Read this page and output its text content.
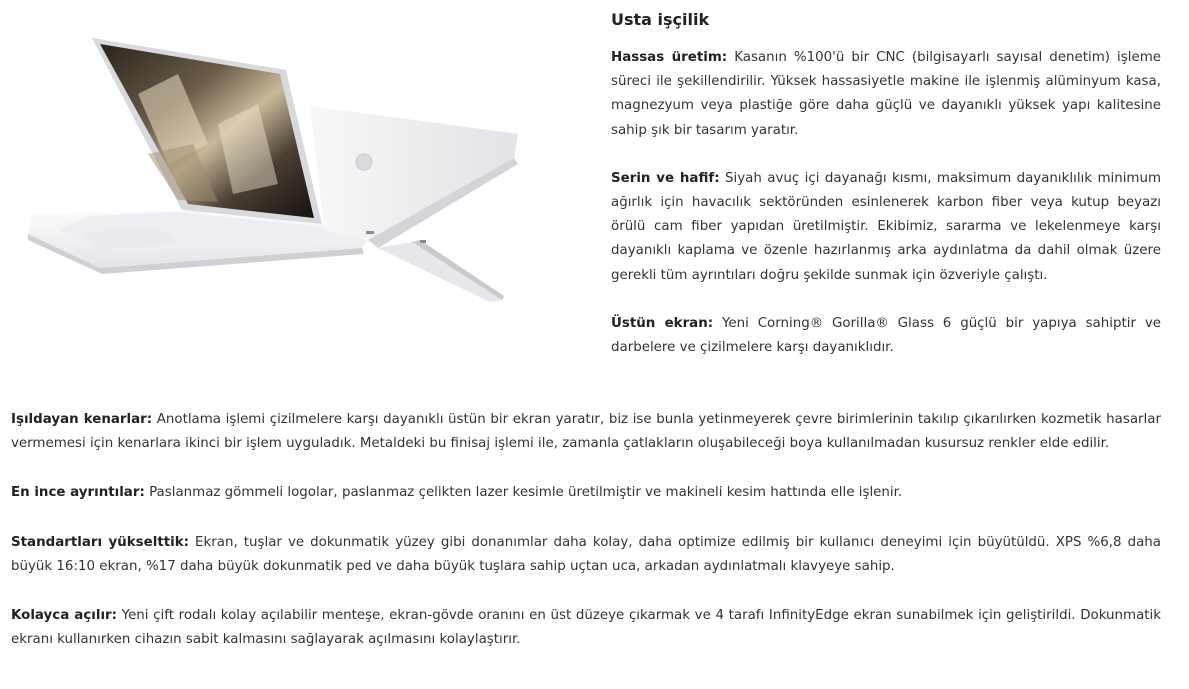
Usta işçilik

Hassas üretim: Kasanın %100'ü bir CNC (bilgisayarlı sayısal denetim) işleme süreci ile şekillendirilir. Yüksek hassasiyetle makine ile işlenmiş alüminyum kasa, magnezyum veya plastiğe göre daha güçlü ve dayanıklı yüksek yapı kalitesine sahip şık bir tasarım yaratır.

Serin ve hafif: Siyah avuç içi dayanağı kısmı, maksimum dayanıklılık minimum ağırlık için havacılık sektöründen esinlenerek karbon fiber veya kutup beyazı örülü cam fiber yapıdan üretilmiştir. Ekibimiz, sararma ve lekelenmeye karşı dayanıklı kaplama ve özenle hazırlanmış arka aydınlatma da dahil olmak üzere gerekli tüm ayrıntıları doğru şekilde sunmak için özveriyle çalıştı.

Üstün ekran: Yeni Corning® Gorilla® Glass 6 güçlü bir yapıya sahiptir ve darbelere ve çizilmelere karşı dayanıklıdır.

Işıldayan kenarlar: Anotlama işlemi çizilmelere karşı dayanıklı üstün bir ekran yaratır, biz ise bunla yetinmeyerek çevre birimlerinin takılıp çıkarılırken kozmetik hasarlar vermemesi için kenarlara ikinci bir işlem uyguladık. Metaldeki bu finisaj işlemi ile, zamanla çatlakların oluşabileceği boya kullanılmadan kusursuz renkler elde edilir.

En ince ayrıntılar: Paslanmaz gömmeli logolar, paslanmaz çelikten lazer kesimle üretilmiştir ve makineli kesim hattında elle işlenir.

Standartları yükselttik: Ekran, tuşlar ve dokunmatik yüzey gibi donanımlar daha kolay, daha optimize edilmiş bir kullanıcı deneyimi için büyütüldü. XPS %6,8 daha büyük 16:10 ekran, %17 daha büyük dokunmatik ped ve daha büyük tuşlara sahip uçtan uca, arkadan aydınlatmalı klavyeye sahip.

Kolayca açılır: Yeni çift rodalı kolay açılabilir menteşe, ekran-gövde oranını en üst düzeye çıkarmak ve 4 tarafı InfinityEdge ekran sunabilmek için geliştirildi. Dokunmatik ekranı kullanırken cihazın sabit kalmasını sağlayarak açılmasını kolaylaştırır.
